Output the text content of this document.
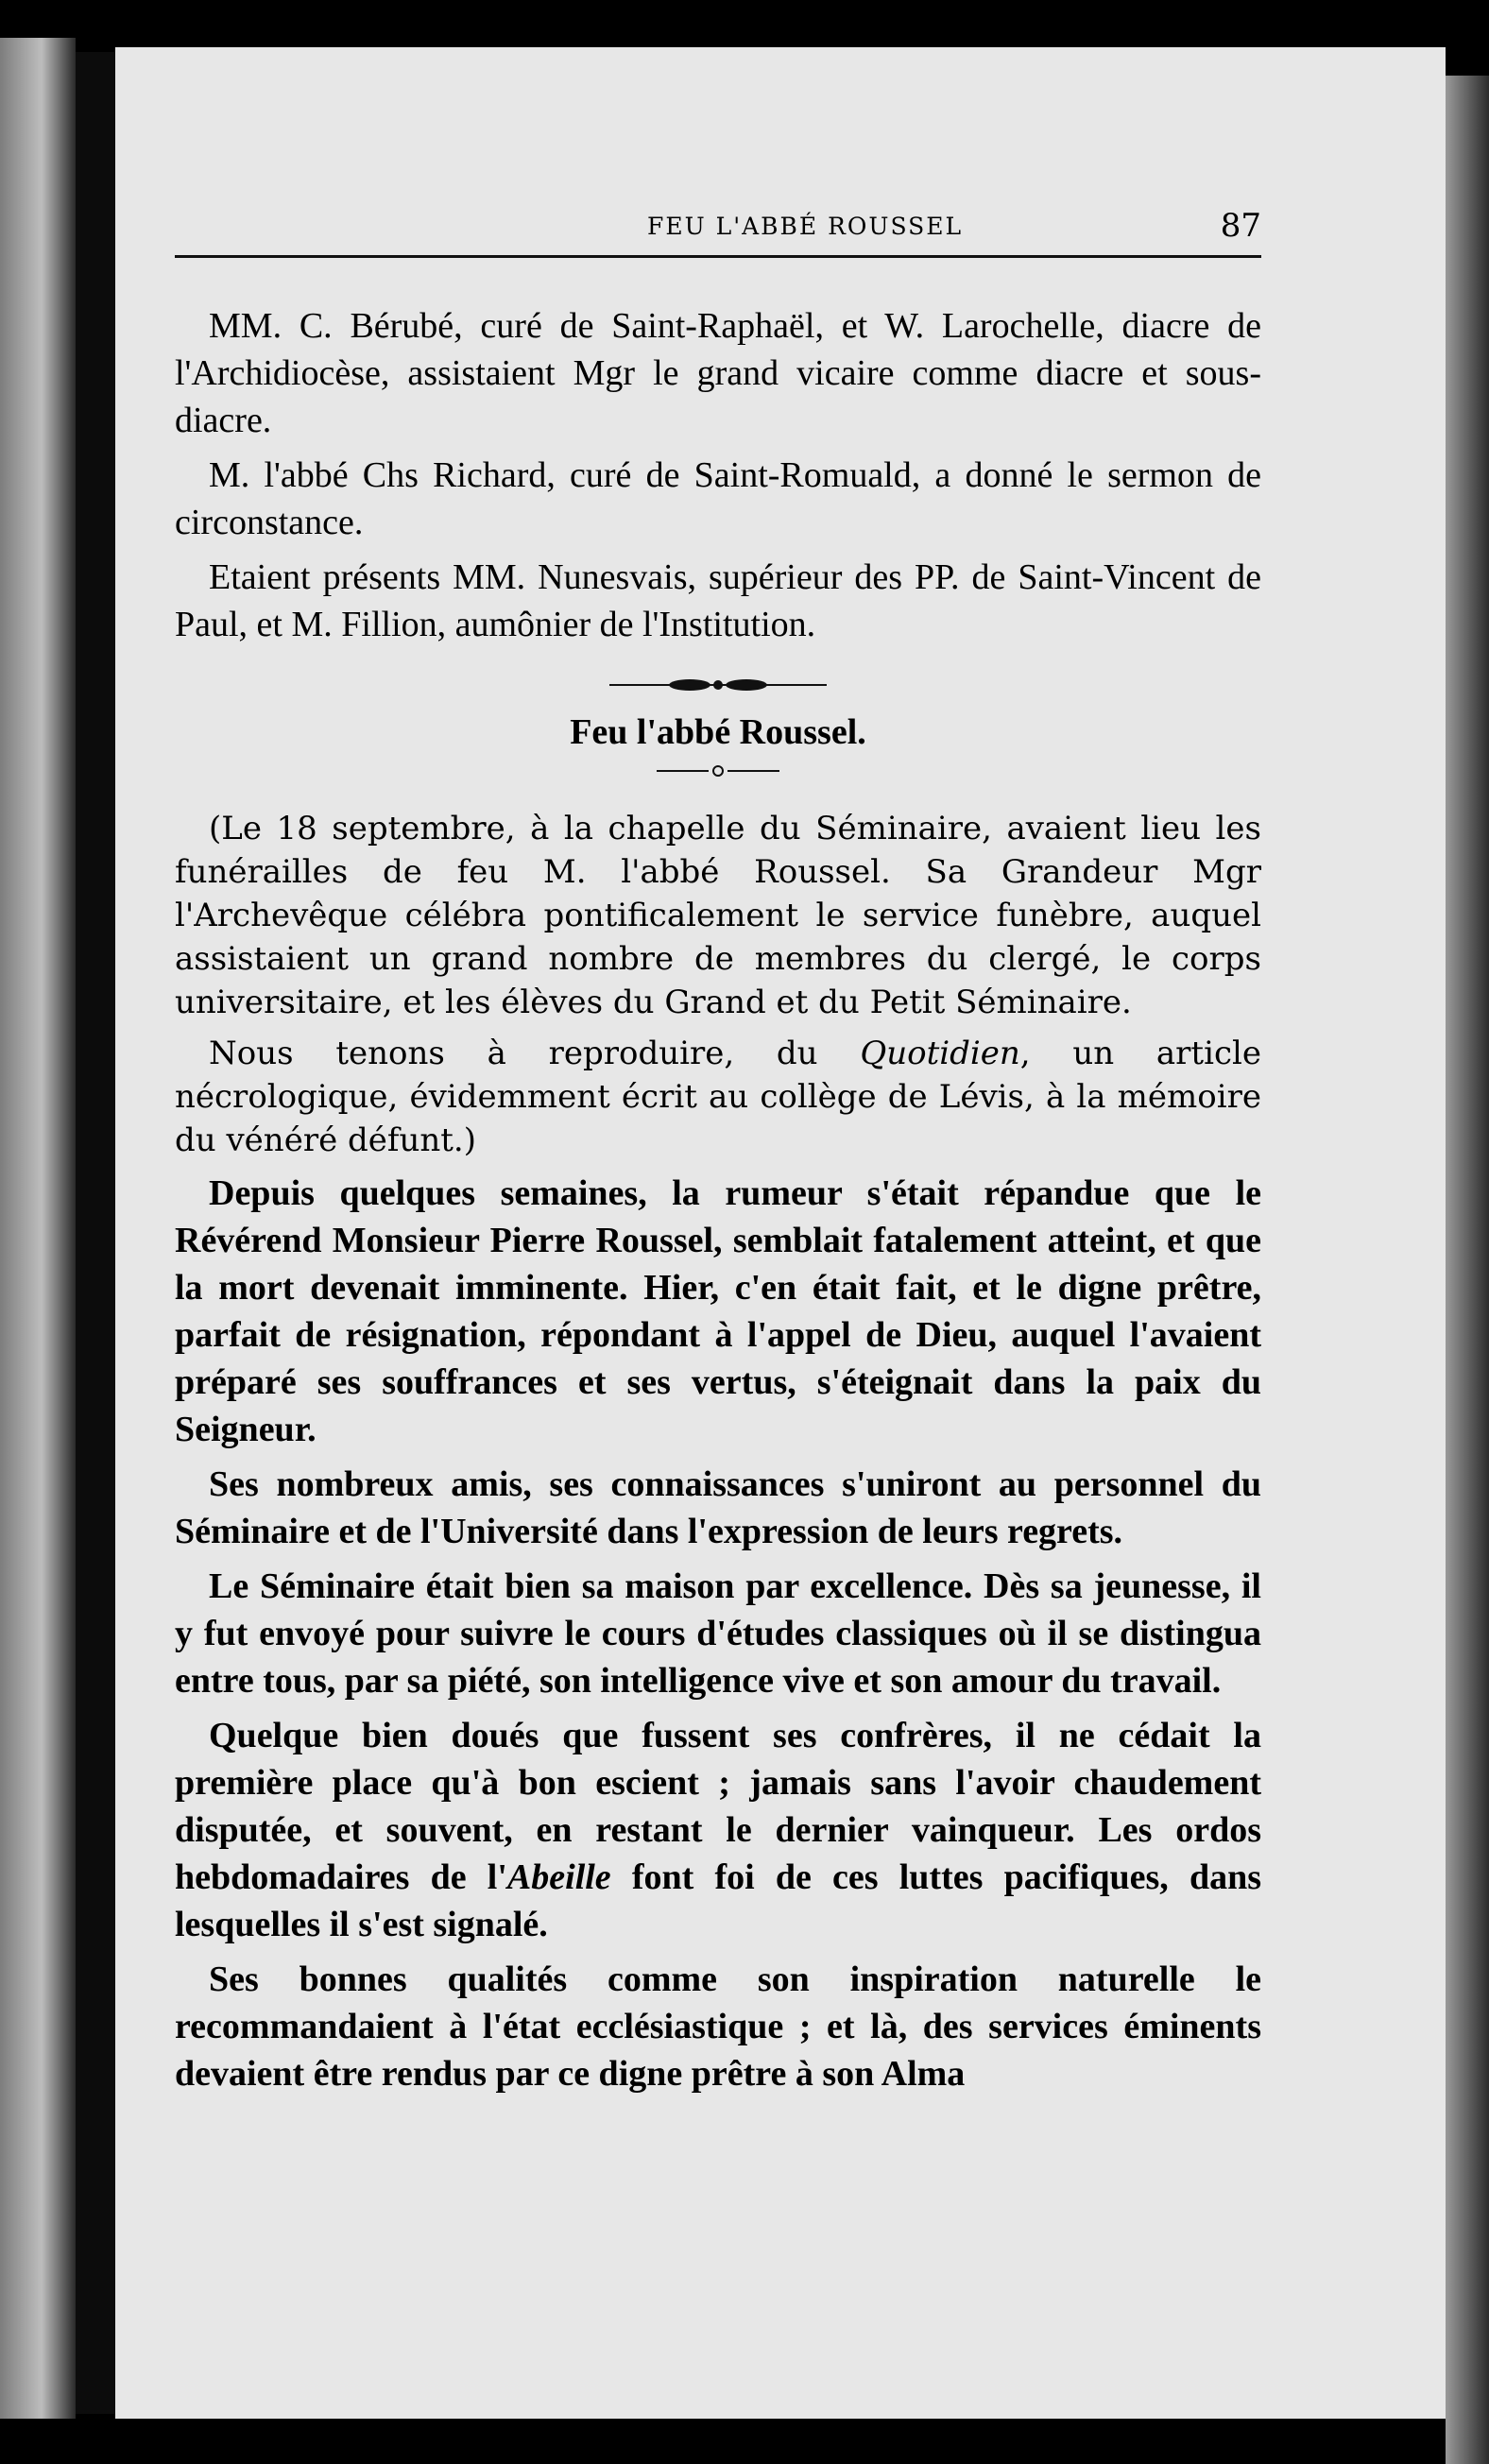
FEU L'ABBÉ ROUSSEL	87

MM. C. Bérubé, curé de Saint-Raphaël, et W. Larochelle, diacre de l'Archidiocèse, assistaient Mgr le grand vicaire comme diacre et sous-diacre.

M. l'abbé Chs Richard, curé de Saint-Romuald, a donné le sermon de circonstance.

Etaient présents MM. Nunesvais, supérieur des PP. de Saint-Vincent de Paul, et M. Fillion, aumônier de l'Institution.

Feu l'abbé Roussel.

(Le 18 septembre, à la chapelle du Séminaire, avaient lieu les funérailles de feu M. l'abbé Roussel. Sa Grandeur Mgr l'Archevêque célébra pontificalement le service funèbre, auquel assistaient un grand nombre de membres du clergé, le corps universitaire, et les élèves du Grand et du Petit Séminaire.

Nous tenons à reproduire, du Quotidien, un article nécrologique, évidemment écrit au collège de Lévis, à la mémoire du vénéré défunt.)

Depuis quelques semaines, la rumeur s'était répandue que le Révérend Monsieur Pierre Roussel, semblait fatalement atteint, et que la mort devenait imminente. Hier, c'en était fait, et le digne prêtre, parfait de résignation, répondant à l'appel de Dieu, auquel l'avaient préparé ses souffrances et ses vertus, s'éteignait dans la paix du Seigneur.

Ses nombreux amis, ses connaissances s'uniront au personnel du Séminaire et de l'Université dans l'expression de leurs regrets.

Le Séminaire était bien sa maison par excellence. Dès sa jeunesse, il y fut envoyé pour suivre le cours d'études classiques où il se distingua entre tous, par sa piété, son intelligence vive et son amour du travail.

Quelque bien doués que fussent ses confrères, il ne cédait la première place qu'à bon escient ; jamais sans l'avoir chaudement disputée, et souvent, en restant le dernier vainqueur. Les ordos hebdomadaires de l'Abeille font foi de ces luttes pacifiques, dans lesquelles il s'est signalé.

Ses bonnes qualités comme son inspiration naturelle le recommandaient à l'état ecclésiastique ; et là, des services éminents devaient être rendus par ce digne prêtre à son Alma
